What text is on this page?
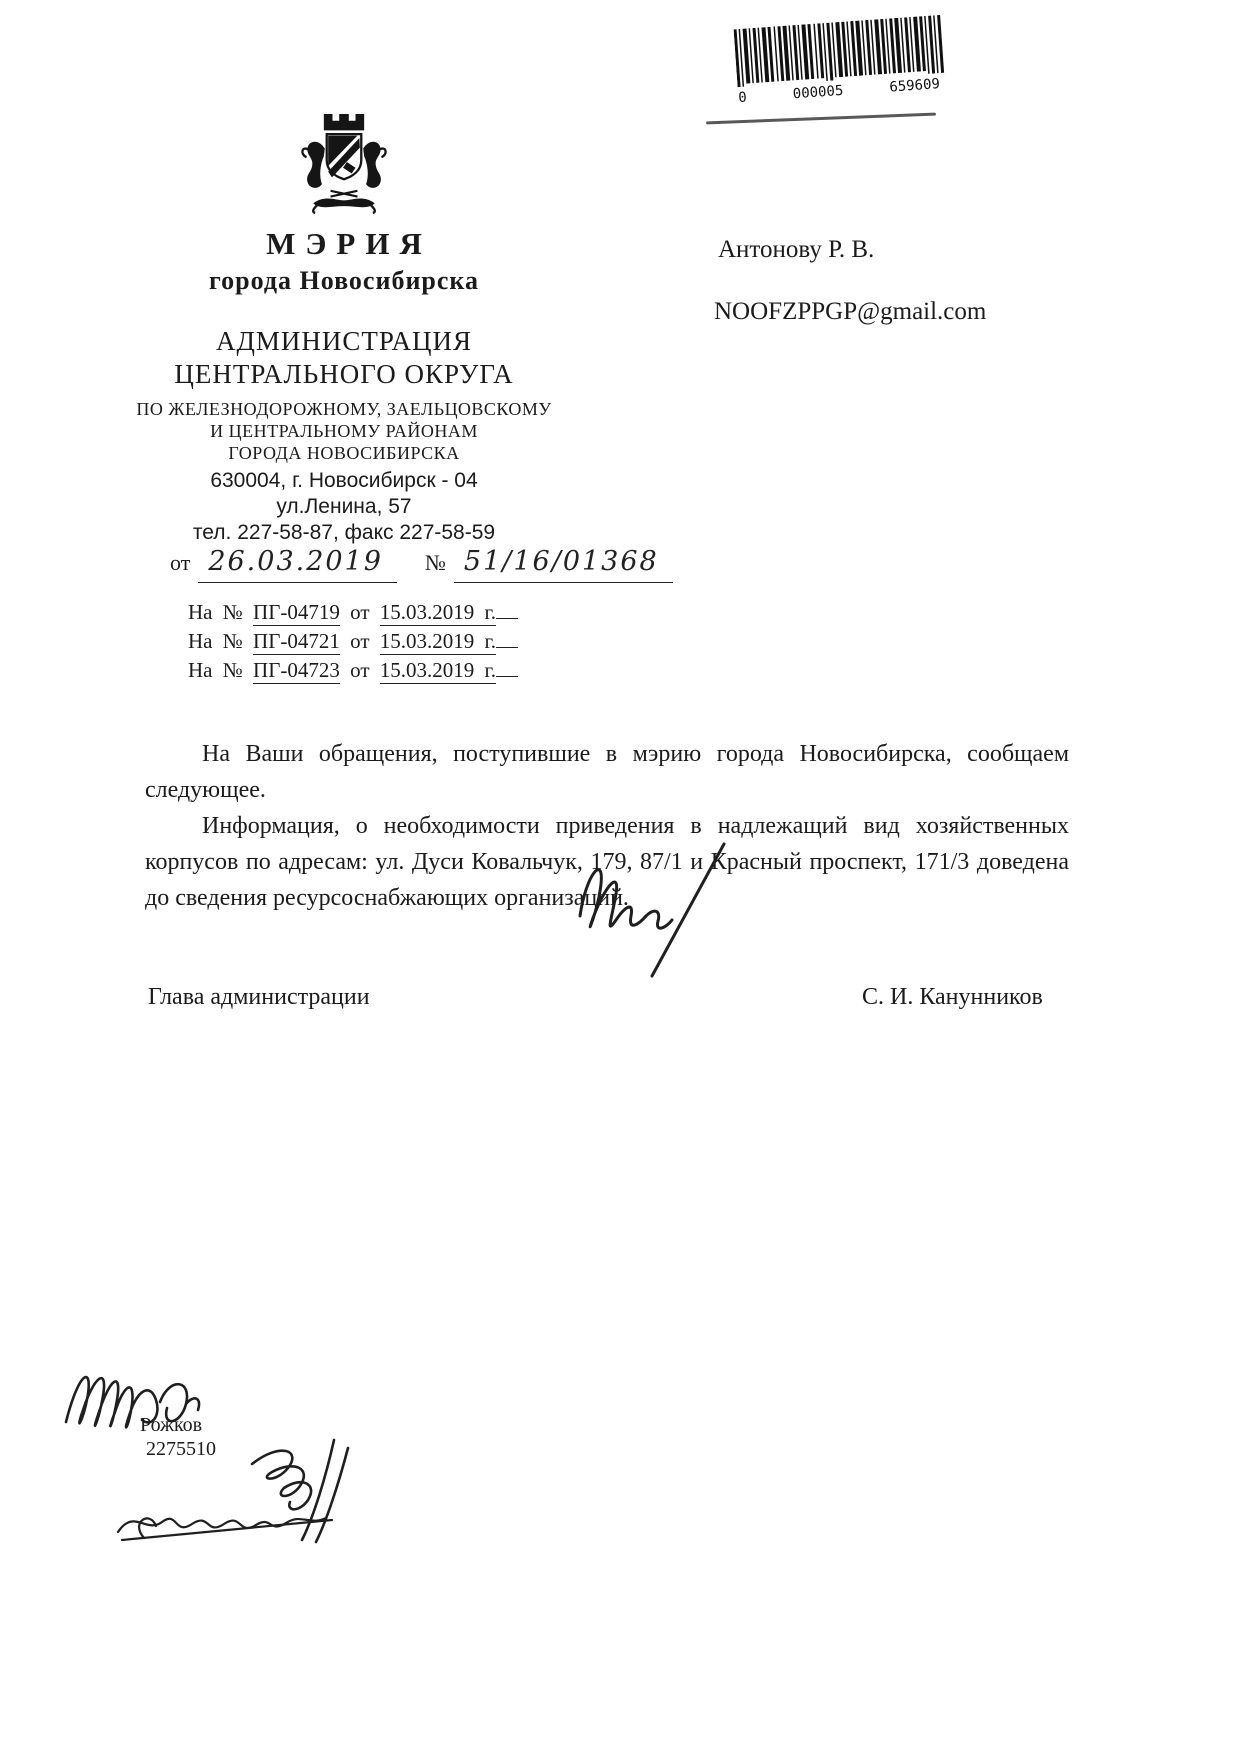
0	000005	659609
МЭРИЯ
города Новосибирска
АДМИНИСТРАЦИЯ
ЦЕНТРАЛЬНОГО ОКРУГА
ПО ЖЕЛЕЗНОДОРОЖНОМУ, ЗАЕЛЬЦОВСКОМУ
И ЦЕНТРАЛЬНОМУ РАЙОНАМ
ГОРОДА НОВОСИБИРСКА
630004, г. Новосибирск - 04
ул.Ленина, 57
тел. 227-58-87, факс 227-58-59
Антонову Р. В.
NOOFZPPGP@gmail.com
от 26.03.2019	№ 51/16/01368
На № ПГ-04719 от 15.03.2019 г.
На № ПГ-04721 от 15.03.2019 г.
На № ПГ-04723 от 15.03.2019 г.

На Ваши обращения, поступившие в мэрию города Новосибирска, сообщаем следующее.

Информация, о необходимости приведения в надлежащий вид хозяйственных корпусов по адресам: ул. Дуси Ковальчук, 179, 87/1 и Красный проспект, 171/3 доведена до сведения ресурсоснабжающих организаций.

Глава администрации	С. И. Канунников
Рожков
2275510
